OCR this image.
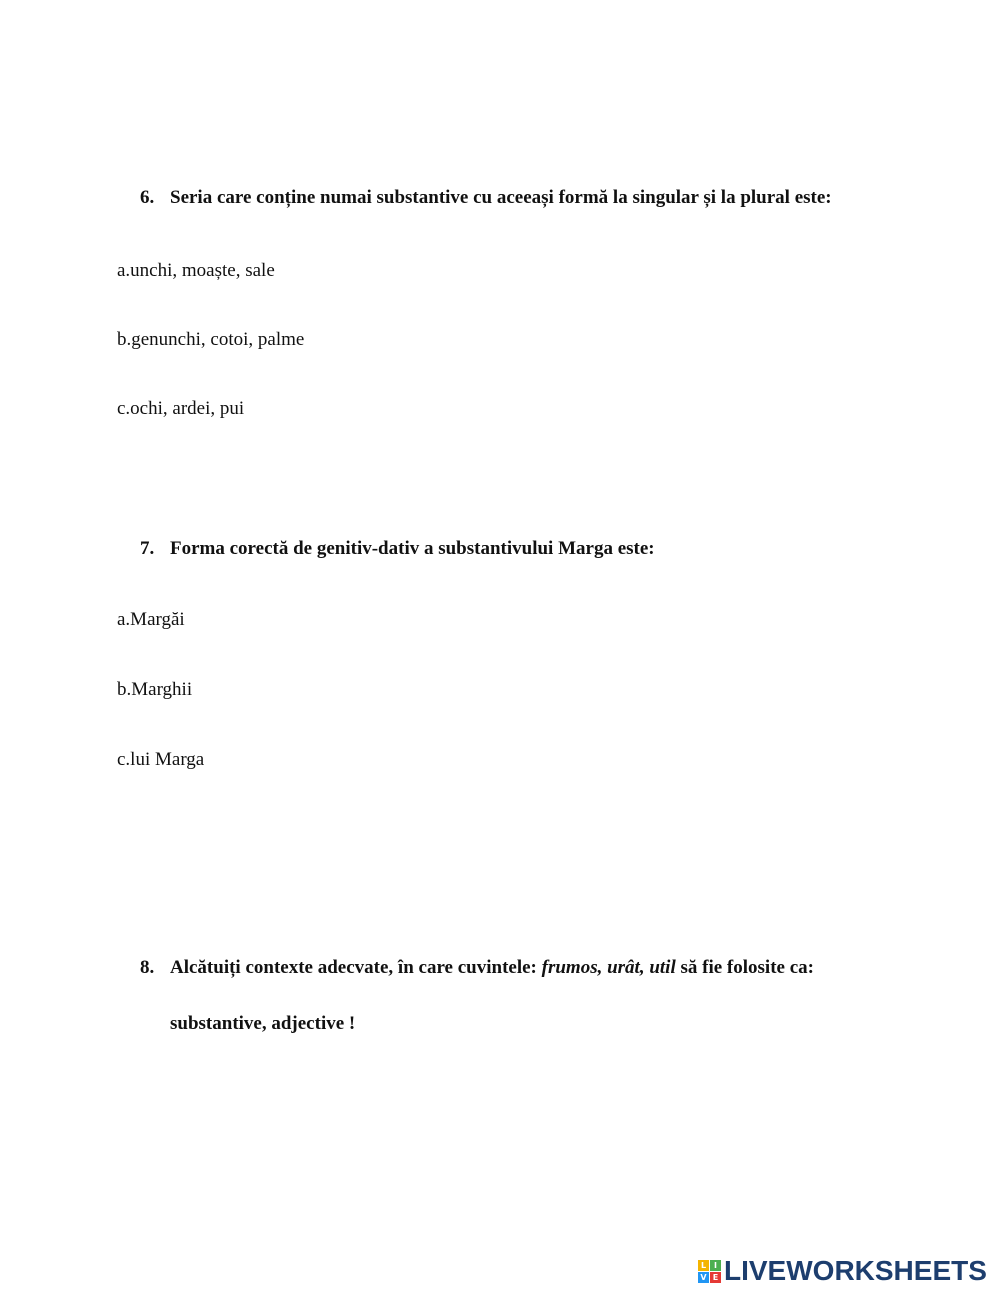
6. Seria care conține numai substantive cu aceeași formă la singular și la plural este:
a.unchi, moaște, sale
b.genunchi, cotoi, palme
c.ochi, ardei, pui
7. Forma corectă de genitiv-dativ a substantivului Marga este:
a.Margăi
b.Marghii
c.lui Marga
8. Alcătuiți contexte adecvate, în care cuvintele: frumos, urât, util să fie folosite ca:
substantive, adjective !
L I
V E LIVEWORKSHEETS
